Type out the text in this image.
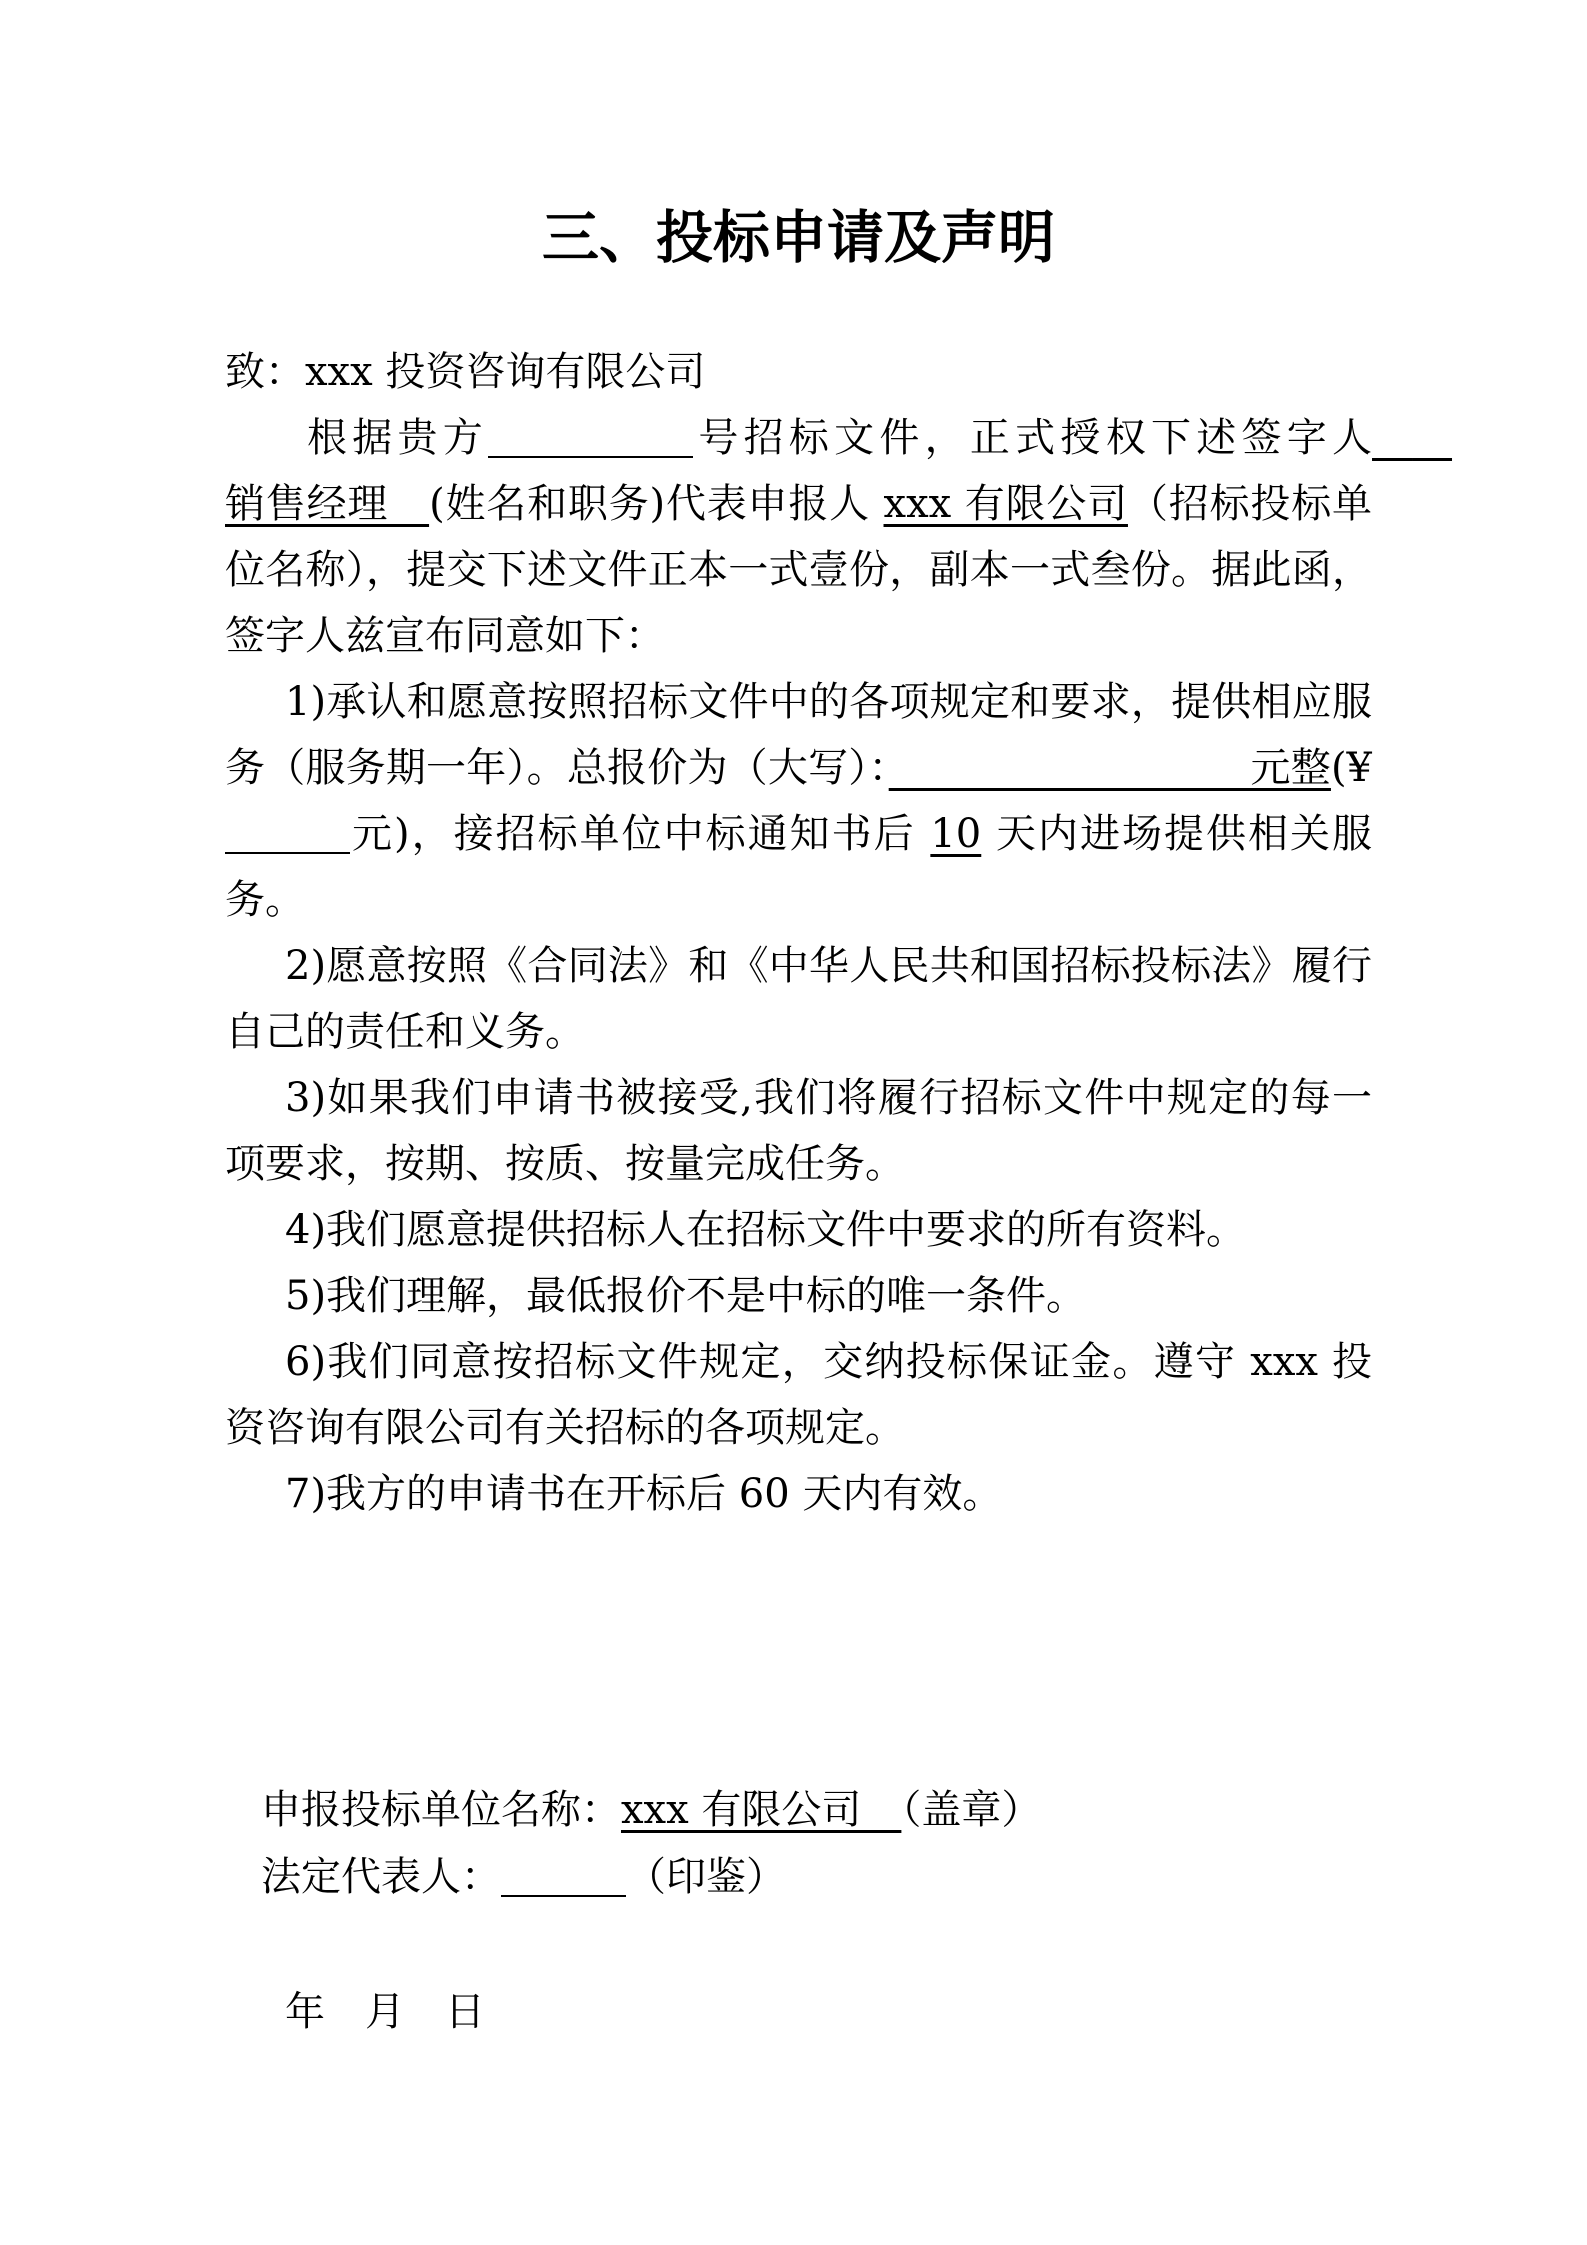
三、投标申请及声明

致：xxx 投资咨询有限公司

根据贵方	号招标文件，正式授权下述签字人　　销售经理　(姓名和职务)代表申报人 xxx 有限公司（招标投标单位名称），提交下述文件正本一式壹份，副本一式叁份。据此函，签字人兹宣布同意如下：

1)承认和愿意按照招标文件中的各项规定和要求，提供相应服务（服务期一年）。总报价为（大写）：　　　　　　　　　元整(¥元)，接招标单位中标通知书后 10 天内进场提供相关服务。

2)愿意按照《合同法》和《中华人民共和国招标投标法》履行自己的责任和义务。

3)如果我们申请书被接受,我们将履行招标文件中规定的每一项要求，按期、按质、按量完成任务。

4)我们愿意提供招标人在招标文件中要求的所有资料。

5)我们理解，最低报价不是中标的唯一条件。

6)我们同意按招标文件规定，交纳投标保证金。遵守 xxx 投资咨询有限公司有关招标的各项规定。

7)我方的申请书在开标后 60 天内有效。

申报投标单位名称：xxx 有限公司　（盖章）

法定代表人：	（印鉴）

年　月　日
